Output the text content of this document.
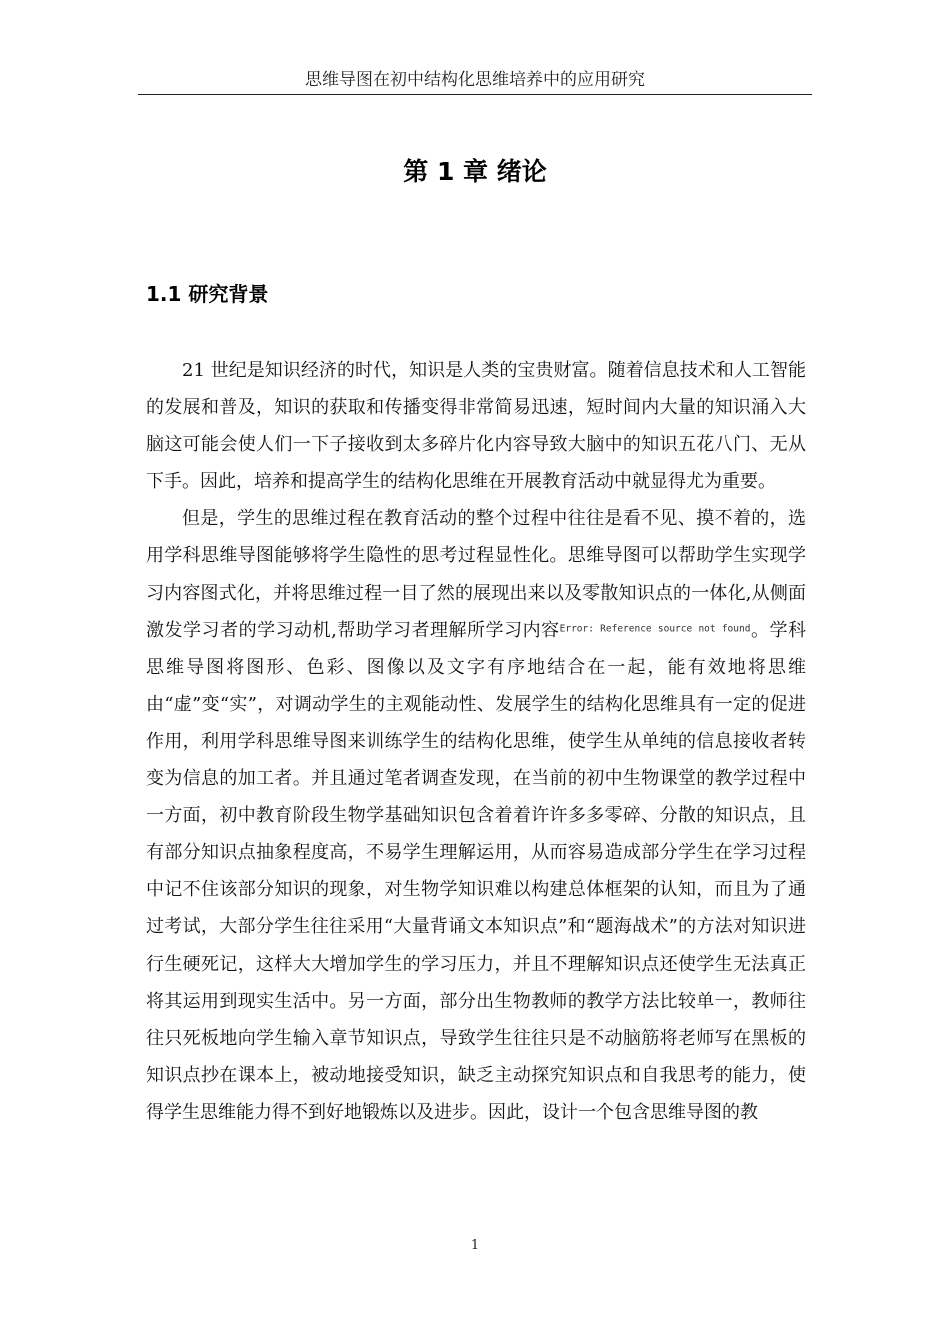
思维导图在初中结构化思维培养中的应用研究
第 1 章 绪论
1.1 研究背景

21 世纪是知识经济的时代，知识是人类的宝贵财富。随着信息技术和人工智能的发展和普及，知识的获取和传播变得非常简易迅速，短时间内大量的知识涌入大脑这可能会使人们一下子接收到太多碎片化内容导致大脑中的知识五花八门、无从下手。因此，培养和提高学生的结构化思维在开展教育活动中就显得尤为重要。

但是，学生的思维过程在教育活动的整个过程中往往是看不见、摸不着的，选用学科思维导图能够将学生隐性的思考过程显性化。思维导图可以帮助学生实现学习内容图式化，并将思维过程一目了然的展现出来以及零散知识点的一体化,从侧面激发学习者的学习动机,帮助学习者理解所学习内容$^{Error: Reference source not found}$。学科思维导图将图形、色彩、图像以及文字有序地结合在一起，能有效地将思维由“虚”变“实”，对调动学生的主观能动性、发展学生的结构化思维具有一定的促进作用，利用学科思维导图来训练学生的结构化思维，使学生从单纯的信息接收者转变为信息的加工者。并且通过笔者调查发现，在当前的初中生物课堂的教学过程中一方面，初中教育阶段生物学基础知识包含着着许许多多零碎、分散的知识点，且有部分知识点抽象程度高，不易学生理解运用，从而容易造成部分学生在学习过程中记不住该部分知识的现象，对生物学知识难以构建总体框架的认知，而且为了通过考试，大部分学生往往采用“大量背诵文本知识点”和“题海战术”的方法对知识进行生硬死记，这样大大增加学生的学习压力，并且不理解知识点还使学生无法真正将其运用到现实生活中。另一方面，部分出生物教师的教学方法比较单一，教师往往只死板地向学生输入章节知识点，导致学生往往只是不动脑筋将老师写在黑板的知识点抄在课本上，被动地接受知识，缺乏主动探究知识点和自我思考的能力，使得学生思维能力得不到好地锻炼以及进步。因此，设计一个包含思维导图的教

1
